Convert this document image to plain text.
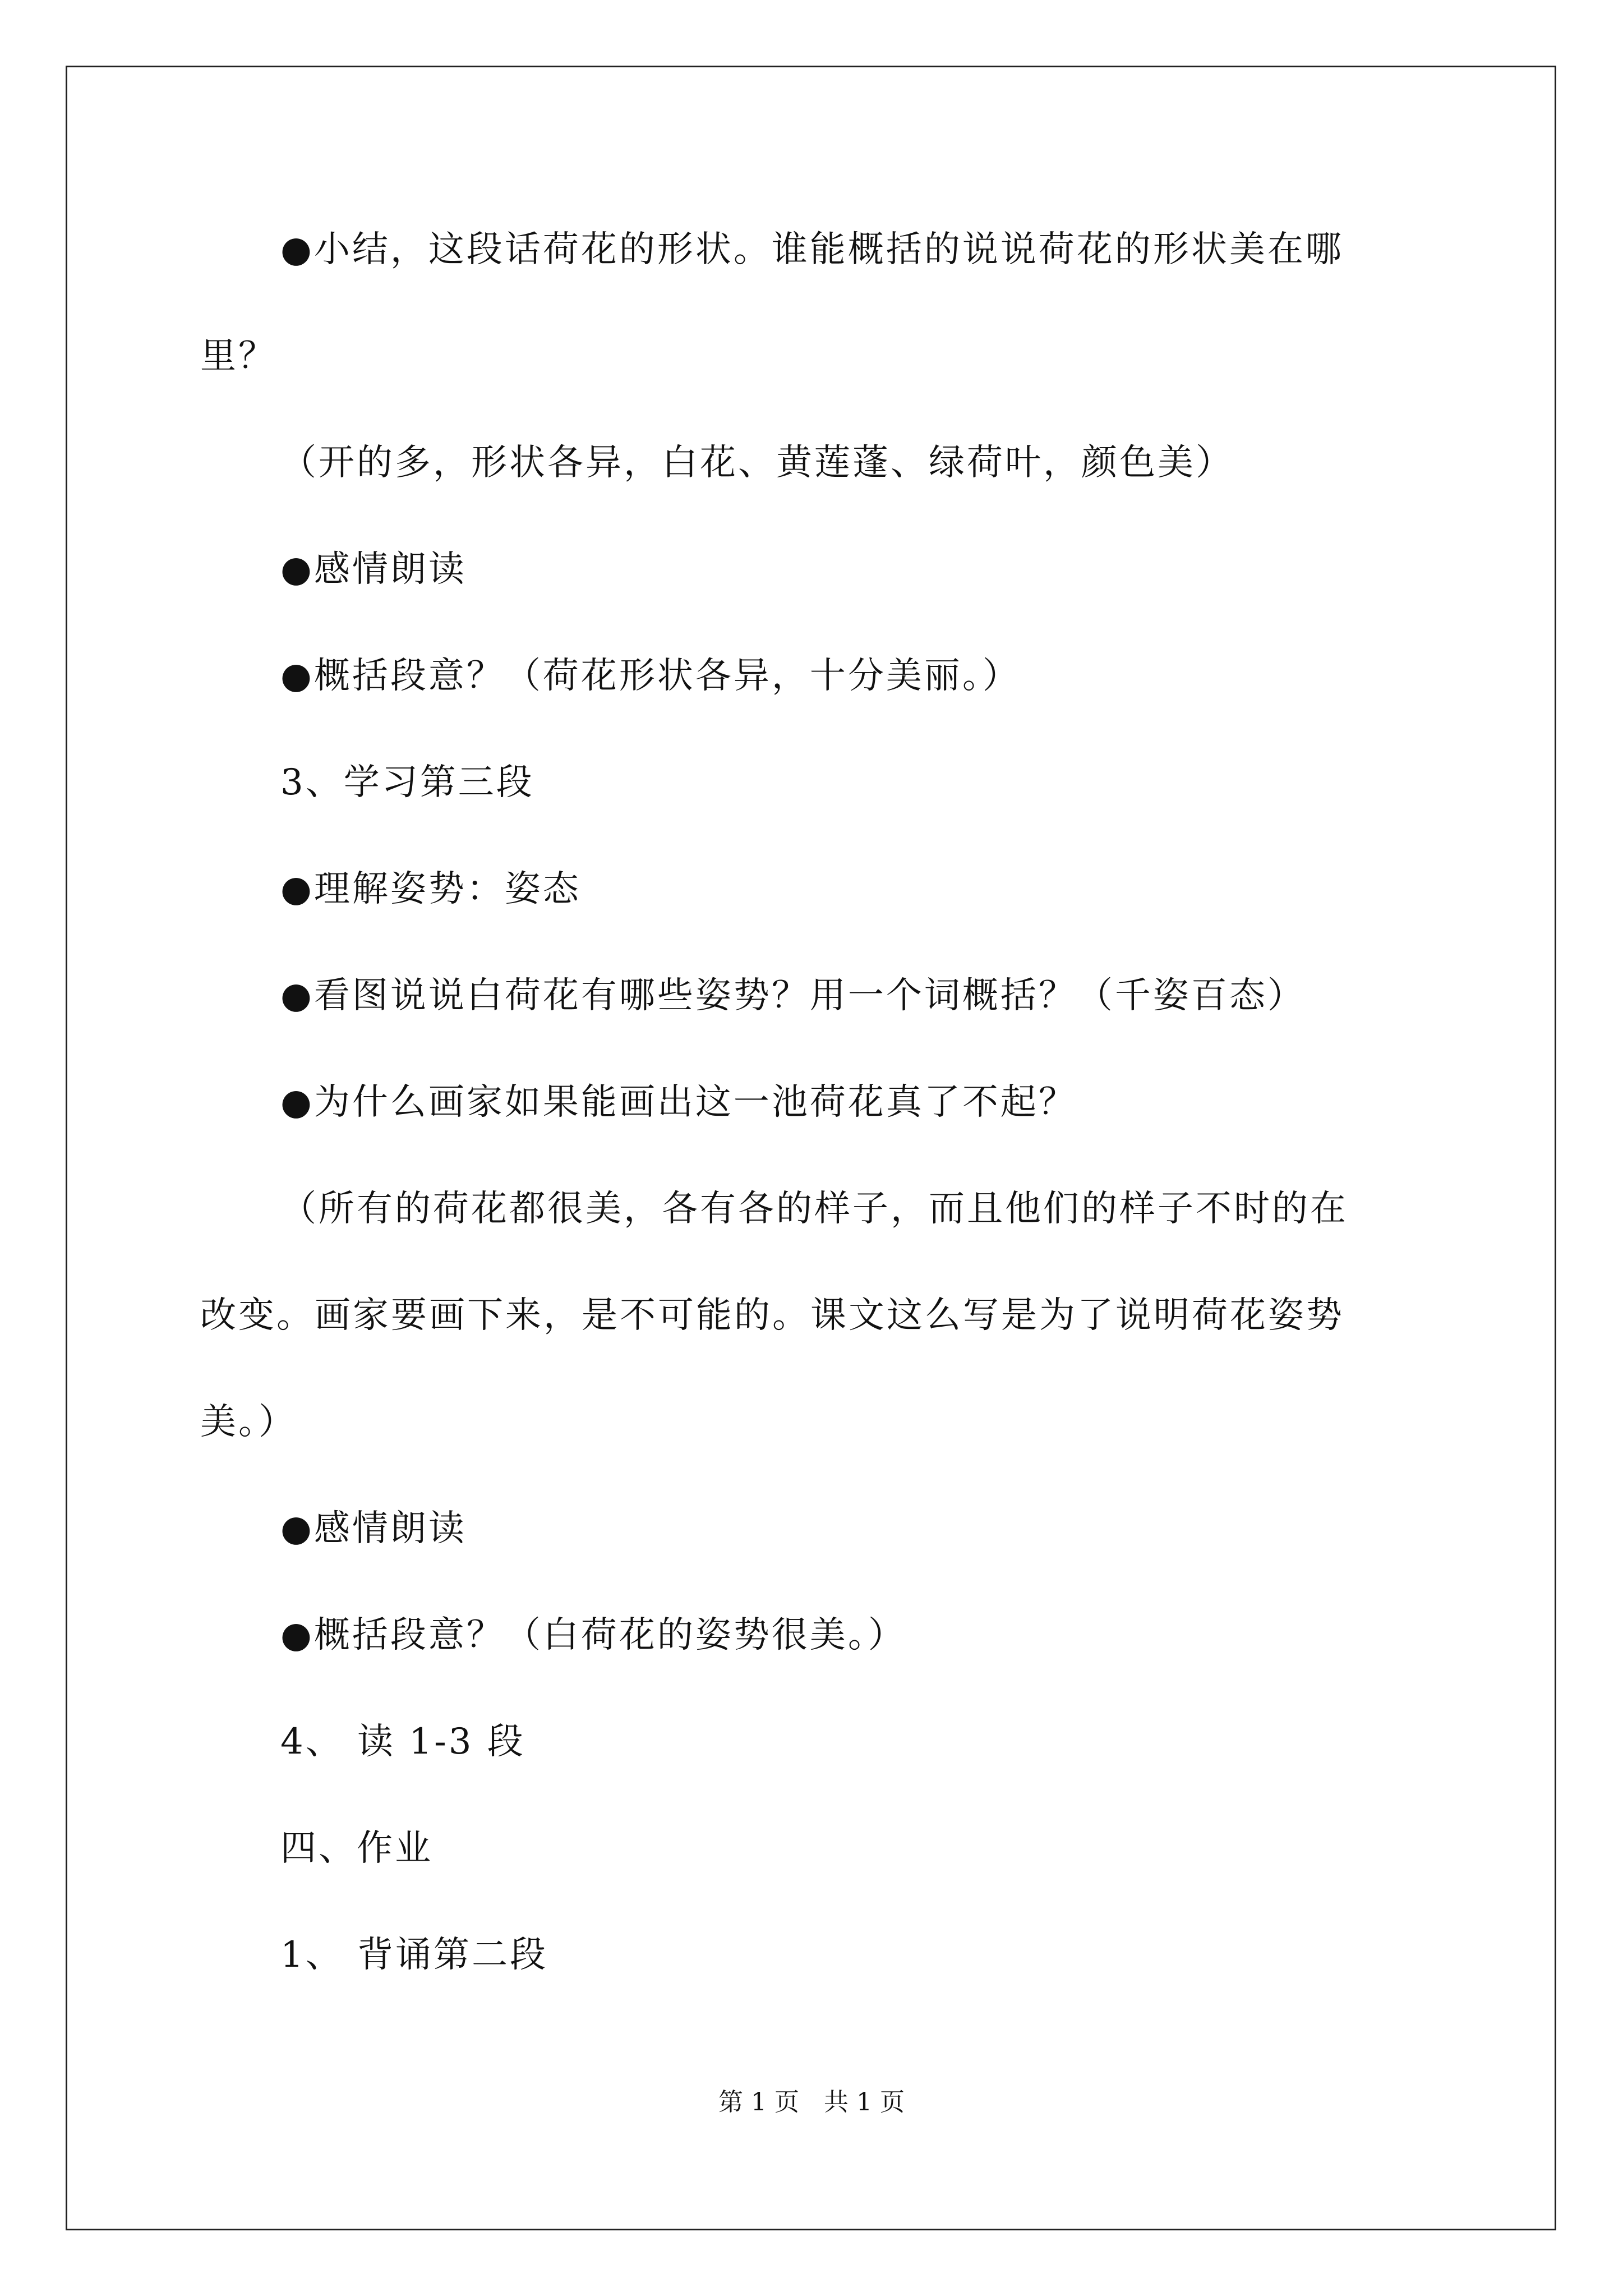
●小结，这段话荷花的形状。谁能概括的说说荷花的形状美在哪
里？
（开的多，形状各异，白花、黄莲蓬、绿荷叶，颜色美）
●感情朗读
●概括段意？（荷花形状各异，十分美丽。）
3、学习第三段
●理解姿势：姿态
●看图说说白荷花有哪些姿势？用一个词概括？（千姿百态）
●为什么画家如果能画出这一池荷花真了不起？
（所有的荷花都很美，各有各的样子，而且他们的样子不时的在
改变。画家要画下来，是不可能的。课文这么写是为了说明荷花姿势
美。）
●感情朗读
●概括段意？（白荷花的姿势很美。）
4、 读 1-3 段
四、作业
1、 背诵第二段
第 1 页　共 1 页
